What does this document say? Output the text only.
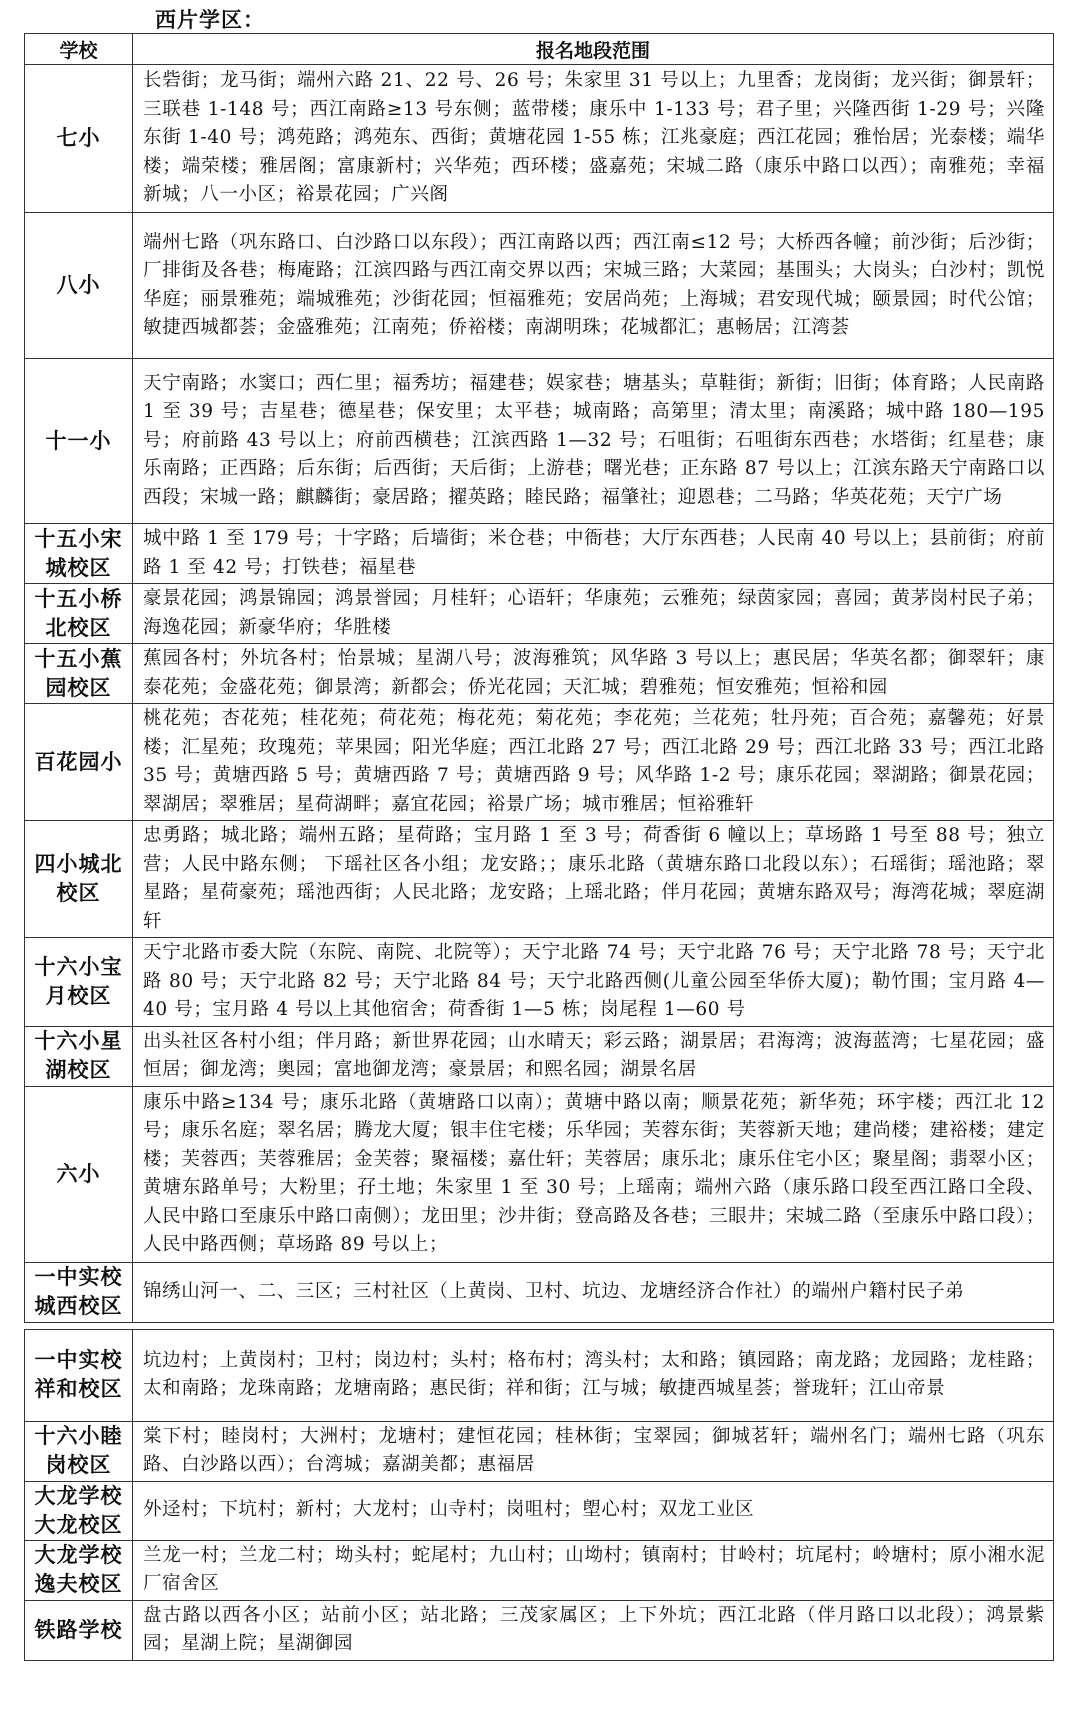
西片学区：
学校	报名地段范围
七小	长砦街；龙马街；端州六路 21、22 号、26 号；朱家里 31 号以上；九里香；龙岗街；龙兴街；御景轩；三联巷 1-148 号；西江南路≥13 号东侧；蓝带楼；康乐中 1-133 号；君子里；兴隆西街 1-29 号；兴隆东街 1-40 号；鸿苑路；鸿苑东、西街；黄塘花园 1-55 栋；江兆豪庭；西江花园；雅怡居；光泰楼；端华楼；端荣楼；雅居阁；富康新村；兴华苑；西环楼；盛嘉苑；宋城二路（康乐中路口以西）；南雅苑；幸福新城；八一小区；裕景花园；广兴阁
八小	端州七路（巩东路口、白沙路口以东段）；西江南路以西；西江南≤12 号；大桥西各幢；前沙街；后沙街；厂排街及各巷；梅庵路；江滨四路与西江南交界以西；宋城三路；大菜园；基围头；大岗头；白沙村；凯悦华庭；丽景雅苑；端城雅苑；沙街花园；恒福雅苑；安居尚苑；上海城；君安现代城；颐景园；时代公馆；敏捷西城都荟；金盛雅苑；江南苑；侨裕楼；南湖明珠；花城都汇；惠畅居；江湾荟
十一小	天宁南路；水窦口；西仁里；福秀坊；福建巷；娱家巷；塘基头；草鞋街；新街；旧街；体育路；人民南路 1 至 39 号；吉星巷；德星巷；保安里；太平巷；城南路；高第里；清太里；南溪路；城中路 180—195 号；府前路 43 号以上；府前西横巷；江滨西路 1—32 号；石咀街；石咀街东西巷；水塔街；红星巷；康乐南路；正西路；后东街；后西街；天后街；上游巷；曙光巷；正东路 87 号以上；江滨东路天宁南路口以西段；宋城一路；麒麟街；豪居路；擢英路；睦民路；福肇社；迎恩巷；二马路；华英花苑；天宁广场
十五小宋城校区	城中路 1 至 179 号；十字路；后墙街；米仓巷；中衙巷；大厅东西巷；人民南 40 号以上；县前街；府前路 1 至 42 号；打铁巷；福星巷
十五小桥北校区	豪景花园；鸿景锦园；鸿景誉园；月桂轩；心语轩；华康苑；云雅苑；绿茵家园；喜园；黄茅岗村民子弟；海逸花园；新豪华府；华胜楼
十五小蕉园校区	蕉园各村；外坑各村；怡景城；星湖八号；波海雅筑；风华路 3 号以上；惠民居；华英名都；御翠轩；康泰花苑；金盛花苑；御景湾；新都会；侨光花园；天汇城；碧雅苑；恒安雅苑；恒裕和园
百花园小	桃花苑；杏花苑；桂花苑；荷花苑；梅花苑；菊花苑；李花苑；兰花苑；牡丹苑；百合苑；嘉馨苑；好景楼；汇星苑；玫瑰苑；苹果园；阳光华庭；西江北路 27 号；西江北路 29 号；西江北路 33 号；西江北路 35 号；黄塘西路 5 号；黄塘西路 7 号；黄塘西路 9 号；风华路 1-2 号；康乐花园；翠湖路；御景花园；翠湖居；翠雅居；星荷湖畔；嘉宜花园；裕景广场；城市雅居；恒裕雅轩
四小城北校区	忠勇路；城北路；端州五路；星荷路；宝月路 1 至 3 号；荷香街 6 幢以上；草场路 1 号至 88 号；独立营；人民中路东侧； 下瑶社区各小组；龙安路；；康乐北路（黄塘东路口北段以东）；石瑶街；瑶池路；翠星路；星荷豪苑；瑶池西街；人民北路；龙安路；上瑶北路；伴月花园；黄塘东路双号；海湾花城；翠庭湖轩
十六小宝月校区	天宁北路市委大院（东院、南院、北院等）；天宁北路 74 号；天宁北路 76 号；天宁北路 78 号；天宁北路 80 号；天宁北路 82 号；天宁北路 84 号；天宁北路西侧(儿童公园至华侨大厦)；勒竹围；宝月路 4—40 号；宝月路 4 号以上其他宿舍；荷香街 1—5 栋；岗尾程 1—60 号
十六小星湖校区	出头社区各村小组；伴月路；新世界花园；山水晴天；彩云路；湖景居；君海湾；波海蓝湾；七星花园；盛恒居；御龙湾；奥园；富地御龙湾；豪景居；和熙名园；湖景名居
六小	康乐中路≥134 号；康乐北路（黄塘路口以南）；黄塘中路以南；顺景花苑；新华苑；环宇楼；西江北 12 号；康乐名庭；翠名居；腾龙大厦；银丰住宅楼；乐华园；芙蓉东街；芙蓉新天地；建尚楼；建裕楼；建定楼；芙蓉西；芙蓉雅居；金芙蓉；聚福楼；嘉仕轩；芙蓉居；康乐北；康乐住宅小区；聚星阁；翡翠小区；黄塘东路单号；大粉里；孖土地；朱家里 1 至 30 号；上瑶南；端州六路（康乐路口段至西江路口全段、人民中路口至康乐中路口南侧）；龙田里；沙井街；登高路及各巷；三眼井；宋城二路（至康乐中路口段）；人民中路西侧；草场路 89 号以上；
一中实校城西校区	锦绣山河一、二、三区；三村社区（上黄岗、卫村、坑边、龙塘经济合作社）的端州户籍村民子弟

一中实校祥和校区	坑边村；上黄岗村；卫村；岗边村；头村；格布村；湾头村；太和路；镇园路；南龙路；龙园路；龙桂路；太和南路；龙珠南路；龙塘南路；惠民街；祥和街；江与城；敏捷西城星荟；誉珑轩；江山帝景
十六小睦岗校区	棠下村；睦岗村；大洲村；龙塘村；建恒花园；桂林街；宝翠园；御城茗轩；端州名门；端州七路（巩东路、白沙路以西）；台湾城；嘉湖美都；惠福居
大龙学校大龙校区	外迳村；下坑村；新村；大龙村；山寺村；岗咀村；塱心村；双龙工业区
大龙学校逸夫校区	兰龙一村；兰龙二村；坳头村；蛇尾村；九山村；山坳村；镇南村；甘岭村；坑尾村；岭塘村；原小湘水泥厂宿舍区
铁路学校	盘古路以西各小区；站前小区；站北路；三茂家属区；上下外坑；西江北路（伴月路口以北段）；鸿景紫园；星湖上院；星湖御园
